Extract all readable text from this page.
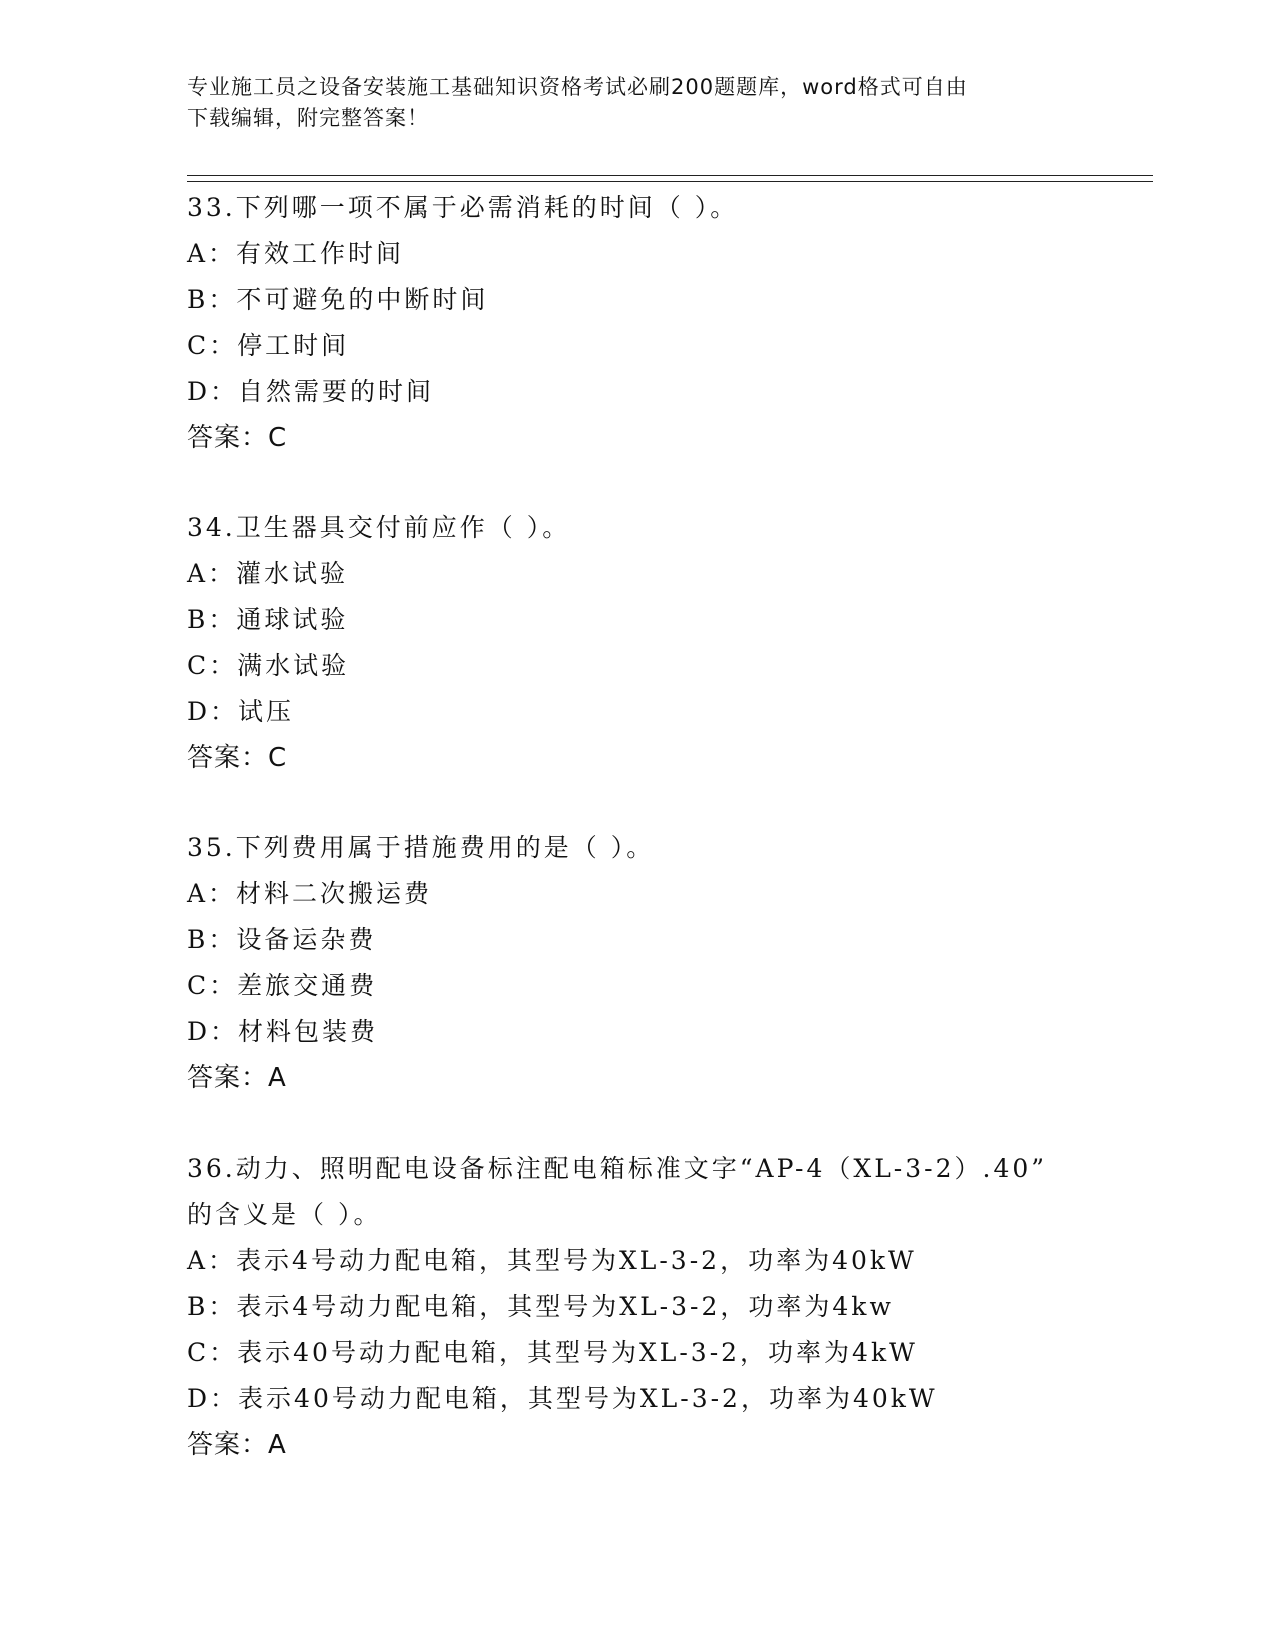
专业施工员之设备安装施工基础知识资格考试必刷200题题库，word格式可自由
下载编辑，附完整答案！
33.下列哪一项不属于必需消耗的时间（ ）。
A：有效工作时间
B：不可避免的中断时间
C：停工时间
D：自然需要的时间
答案：C
34.卫生器具交付前应作（ ）。
A：灌水试验
B：通球试验
C：满水试验
D：试压
答案：C
35.下列费用属于措施费用的是（ ）。
A：材料二次搬运费
B：设备运杂费
C：差旅交通费
D：材料包装费
答案：A
36.动力、照明配电设备标注配电箱标准文字“AP-4（XL-3-2）.40”
的含义是（ ）。
A：表示4号动力配电箱，其型号为XL-3-2，功率为40kW
B：表示4号动力配电箱，其型号为XL-3-2，功率为4kw
C：表示40号动力配电箱，其型号为XL-3-2，功率为4kW
D：表示40号动力配电箱，其型号为XL-3-2，功率为40kW
答案：A
